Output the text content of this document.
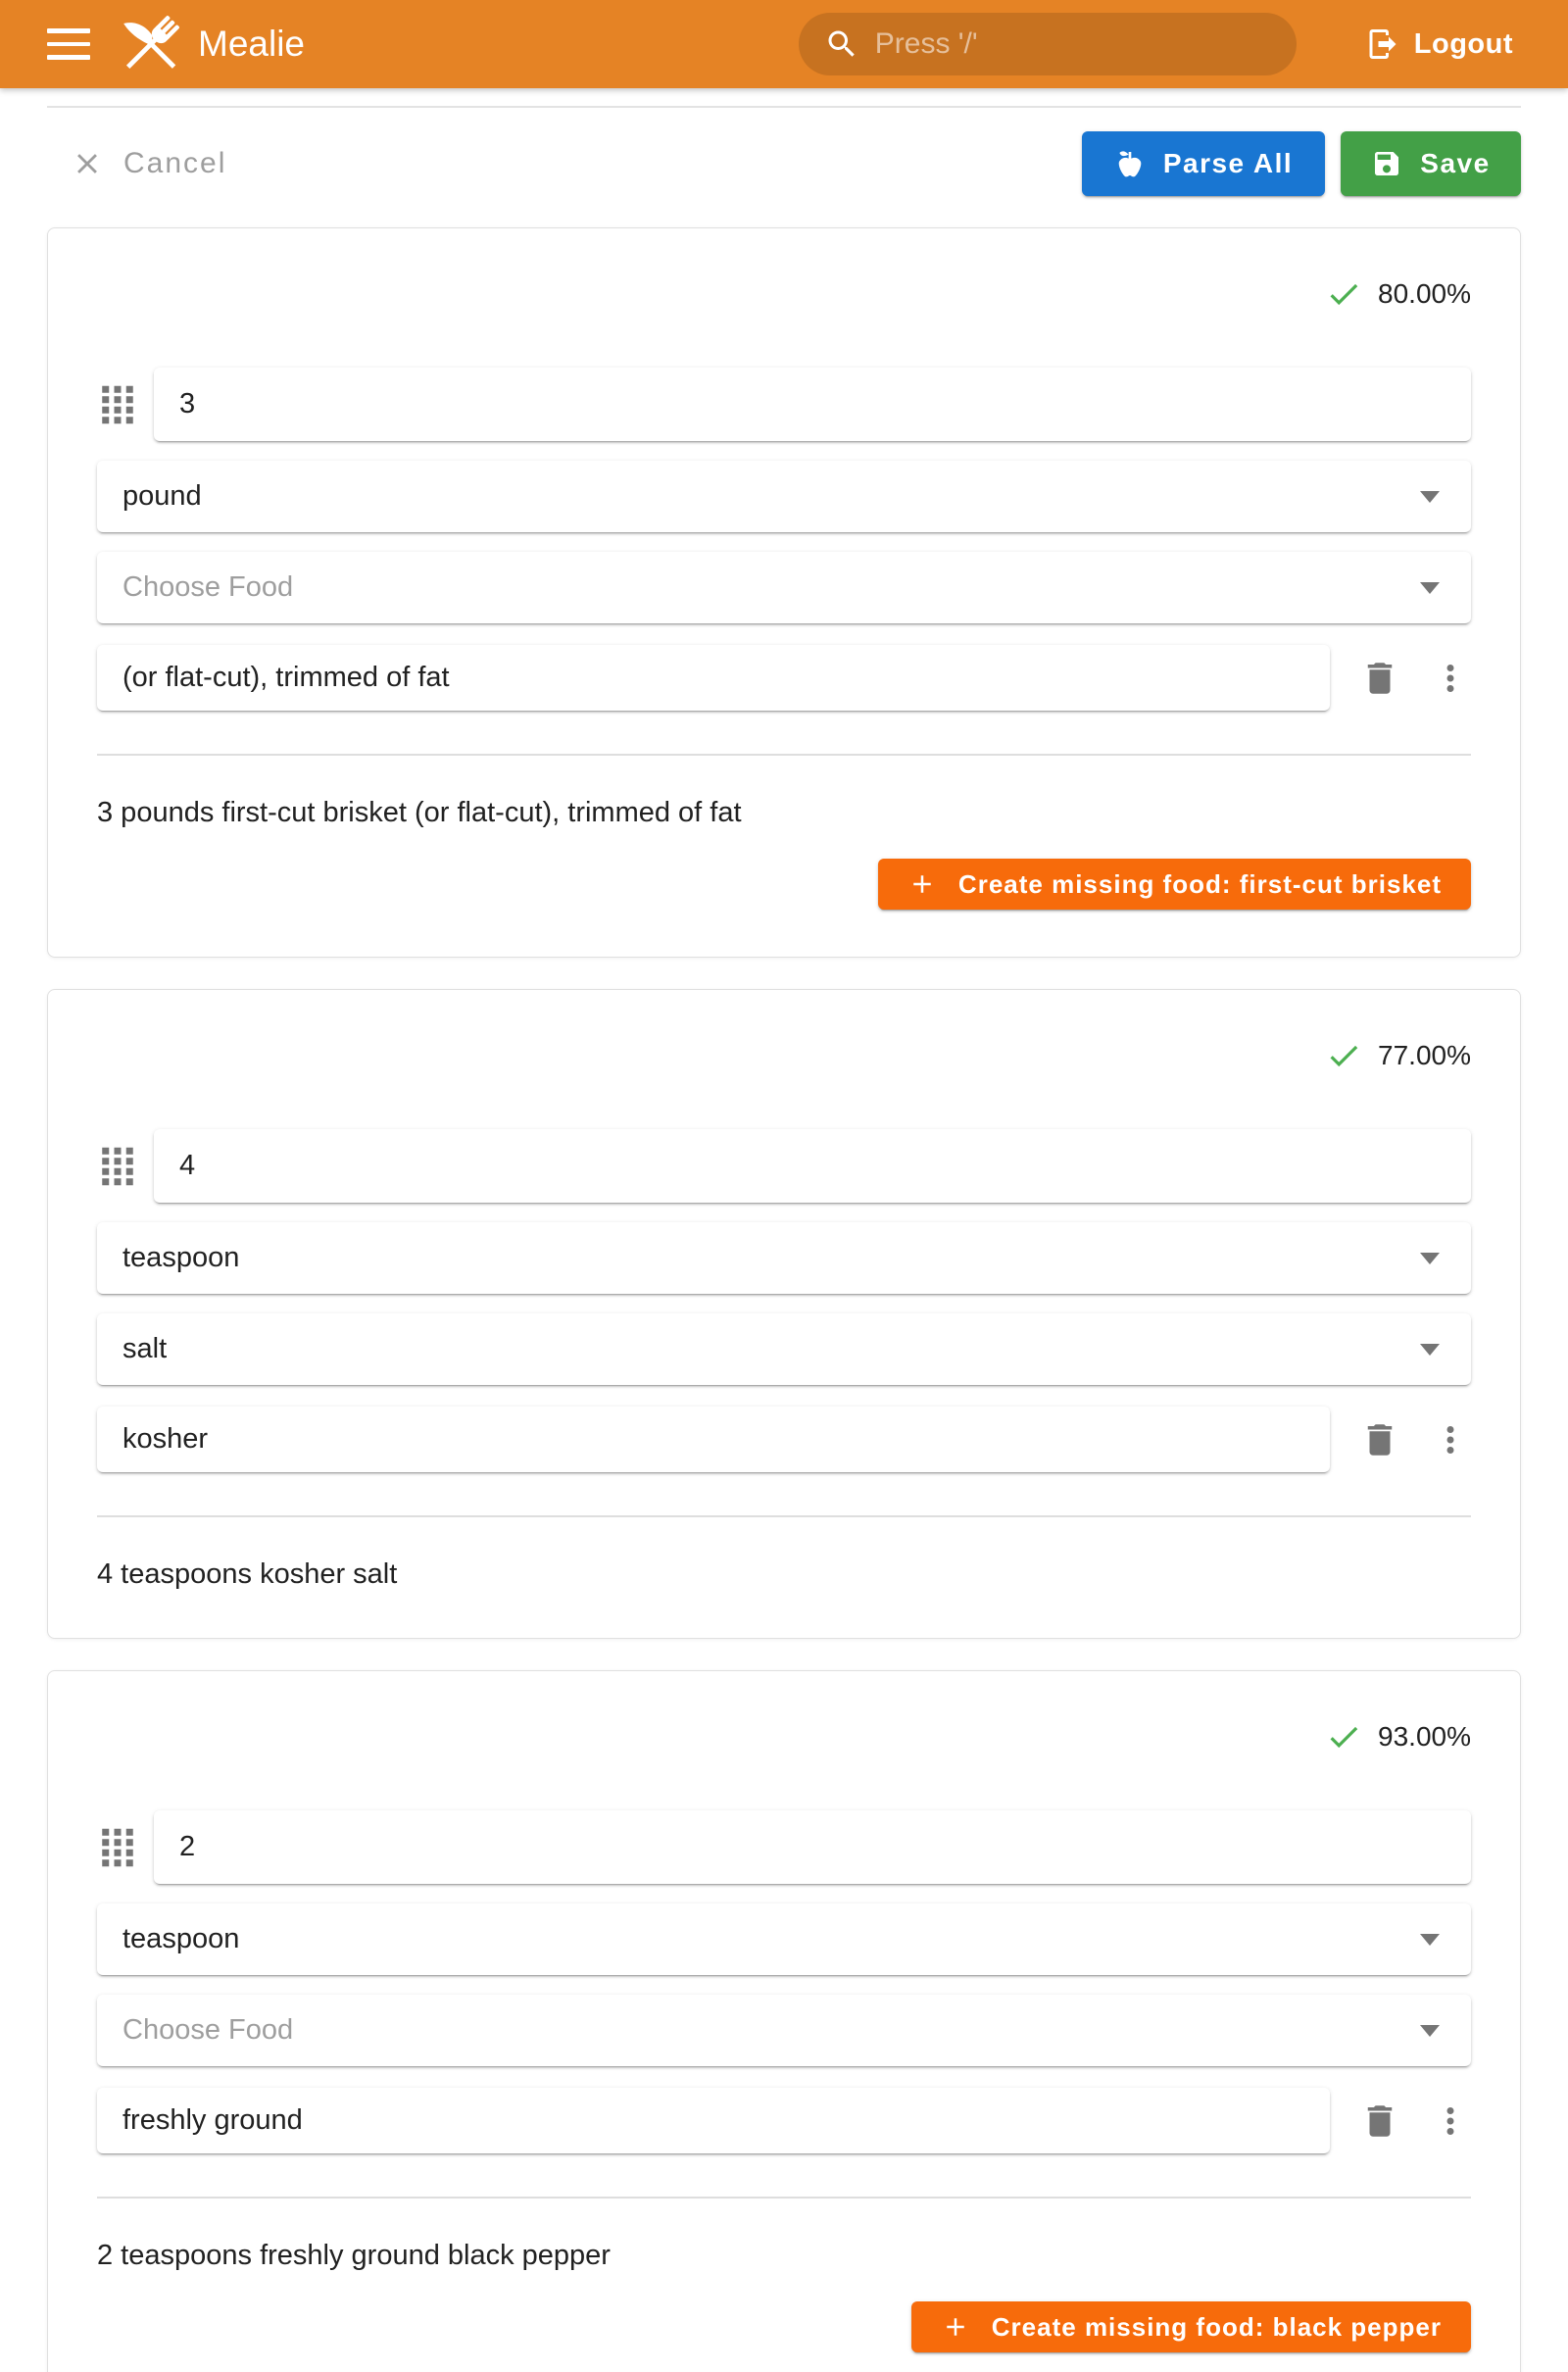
Mealie
Press '/'	Logout
Cancel	Parse All	Save
80.00%
3
pound
Choose Food
(or flat-cut), trimmed of fat
3 pounds first-cut brisket (or flat-cut), trimmed of fat
Create missing food: first-cut brisket
77.00%
4
teaspoon
salt
kosher
4 teaspoons kosher salt
93.00%
2
teaspoon
Choose Food
freshly ground
2 teaspoons freshly ground black pepper
Create missing food: black pepper
